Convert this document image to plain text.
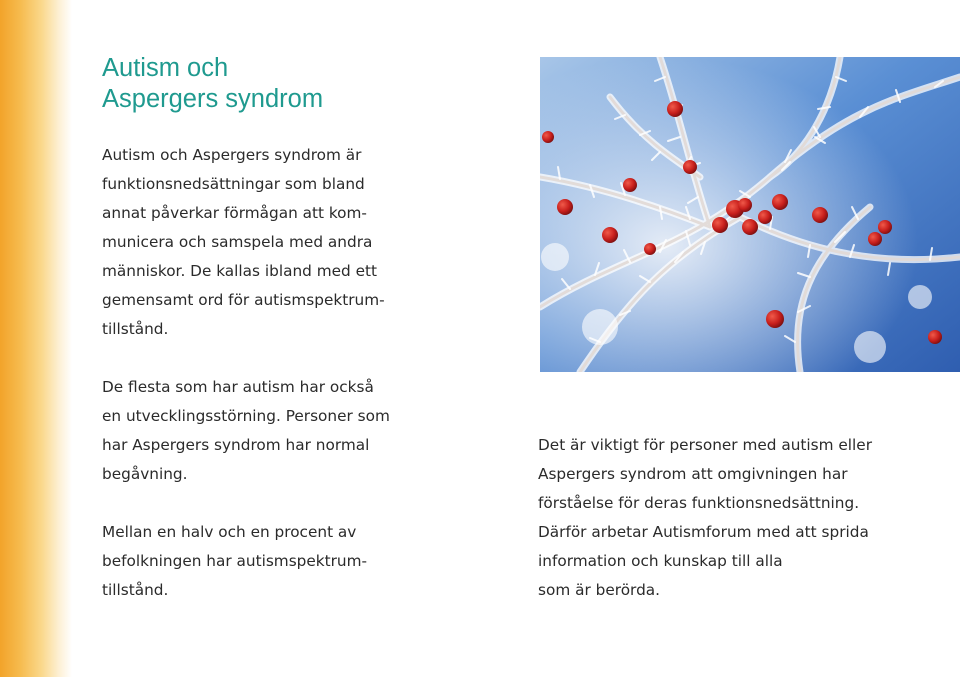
Autism och
Aspergers syndrom

Autism och Aspergers syndrom är
funktionsnedsättningar som bland
annat påverkar förmågan att kom-
municera och samspela med andra
människor. De kallas ibland med ett
gemensamt ord för autismspektrum-
tillstånd.

De flesta som har autism har också
en utvecklingsstörning. Personer som
har Aspergers syndrom har normal
begåvning.

Mellan en halv och en procent av
befolkningen har autismspektrum-
tillstånd.

Det är viktigt för personer med autism eller
Aspergers syndrom att omgivningen har
förståelse för deras funktionsnedsättning.
Därför arbetar Autismforum med att sprida
information och kunskap till alla
som är berörda.
